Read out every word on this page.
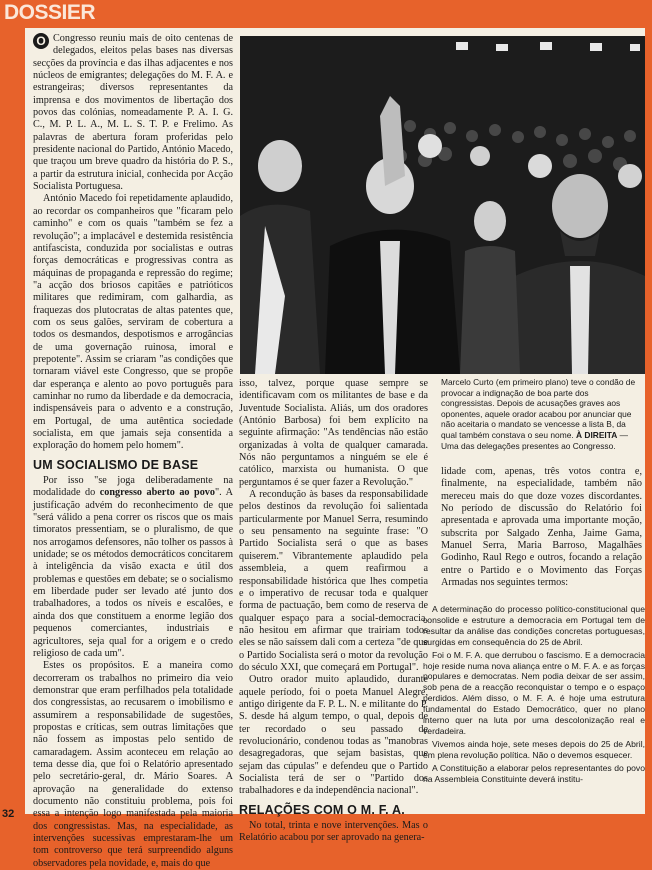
DOSSIER

O Congresso reuniu mais de oito centenas de delegados, eleitos pelas bases nas diversas secções da província e das ilhas adjacentes e nos núcleos de emigrantes; delegações do M. F. A. e estrangeiras; diversos representantes da imprensa e dos movimentos de libertação dos povos das colónias, nomeadamente P. A. I. G. C., M. P. L. A., M. L. S. T. P. e Frelimo. As palavras de abertura foram proferidas pelo presidente nacional do Partido, António Macedo, que traçou um breve quadro da história do P. S., a partir da estrutura inicial, conhecida por Acção Socialista Portuguesa.

António Macedo foi repetidamente aplaudido, ao recordar os companheiros que "ficaram pelo caminho" e com os quais "também se fez a revolução"; a implacável e destemida resistência antifascista, conduzida por socialistas e outras forças democráticas e progressivas contra as máquinas de propaganda e repressão do regime; "a acção dos briosos capitães e patrióticos militares que redimiram, com galhardia, as fraquezas dos plutocratas de altas patentes que, com os seus galões, serviram de cobertura a todos os desmandos, despotismos e arrogâncias de uma governação ruinosa, imoral e prepotente". Assim se criaram "as condições que tornaram viável este Congresso, que se propõe dar esperança e alento ao povo português para caminhar no rumo da liberdade e da democracia, indispensáveis para o advento e a construção, em Portugal, de uma autêntica sociedade socialista, em que jamais seja consentida a exploração do homem pelo homem".

UM SOCIALISMO DE BASE

Por isso "se joga deliberadamente na modalidade do congresso aberto ao povo". A justificação advém do reconhecimento de que "será válido a pena correr os riscos que os mais timoratos pressentiam, se o pluralismo, de que nos arrogamos defensores, não tolher os passos à unidade; se os métodos democráticos concitarem à inteligência da visão exacta e útil dos problemas e questões em debate; se o socialismo em liberdade puder ser levado até junto dos trabalhadores, a todos os níveis e escalões, e ainda dos que constituem a enorme legião dos pequenos comerciantes, industriais e agricultores, seja qual for a origem e o credo religioso de cada um".

Estes os propósitos. E a maneira como decorreram os trabalhos no primeiro dia veio demonstrar que eram perfilhados pela totalidade dos congressistas, ao recusarem o imobilismo e assumirem a responsabilidade de sugestões, propostas e críticas, sem outras limitações que não fossem as impostas pelo sentido de camaradagem. Assim aconteceu em relação ao tema desse dia, que foi o Relatório apresentado pelo secretário-geral, dr. Mário Soares. A aprovação na generalidade do extenso documento não constituiu problema, pois foi essa a intenção logo manifestada pela maioria dos congressistas. Mas, na especialidade, as intervenções sucessivas emprestaram-lhe um tom controverso que terá surpreendido alguns observadores pela novidade, e, mais do que

isso, talvez, porque quase sempre se identificavam com os militantes de base e da Juventude Socialista. Aliás, um dos oradores (António Barbosa) foi bem explícito na seguinte afirmação: "As tendências não estão organizadas à volta de qualquer camarada. Nós não perguntamos a ninguém se ele é católico, marxista ou humanista. O que perguntamos é se quer fazer a Revolução."

A recondução às bases da responsabilidade pelos destinos da revolução foi salientada particularmente por Manuel Serra, resumindo o seu pensamento na seguinte frase: "O Partido Socialista será o que as bases quiserem." Vibrantemente aplaudido pela assembleia, a quem reafirmou a responsabilidade histórica que lhes competia e o imperativo de recusar toda e qualquer forma de pactuação, bem como de reserva de qualquer espaço para a social-democracia, não hesitou em afirmar que trairiam todos eles se não saíssem dali com a certeza "de que o Partido Socialista será o motor da revolução do século XXI, que começará em Portugal".

Outro orador muito aplaudido, durante aquele período, foi o poeta Manuel Alegre, antigo dirigente da F. P. L. N. e militante do P. S. desde há algum tempo, o qual, depois de ter recordado o seu passado de revolucionário, condenou todas as "manobras desagregadoras, que sejam basistas, que sejam das cúpulas" e defendeu que o Partido Socialista terá de ser o "Partido dos trabalhadores e da independência nacional".

RELAÇÕES COM O M. F. A.

No total, trinta e nove intervenções. Mas o Relatório acabou por ser aprovado na genera-

Marcelo Curto (em primeiro plano) teve o condão de provocar a indignação de boa parte dos congressistas. Depois de acusações graves aos oponentes, aquele orador acabou por anunciar que não aceitaria o mandato se vencesse a lista B, da qual também constava o seu nome. À DIREITA — Uma das delegações presentes ao Congresso.

lidade com, apenas, três votos contra e, finalmente, na especialidade, também não mereceu mais do que doze vozes discordantes. No período de discussão do Relatório foi apresentada e aprovada uma importante moção, subscrita por Salgado Zenha, Jaime Gama, Manuel Serra, Maria Barroso, Magalhães Godinho, Raul Rego e outros, focando a relação entre o Partido e o Movimento das Forças Armadas nos seguintes termos:

A determinação do processo político-constitucional que consolide e estruture a democracia em Portugal tem de resultar da análise das condições concretas portuguesas, surgidas em consequência do 25 de Abril.

Foi o M. F. A. que derrubou o fascismo. E a democracia hoje reside numa nova aliança entre o M. F. A. e as forças populares e democratas. Nem podia deixar de ser assim, sob pena de a reacção reconquistar o tempo e o espaço perdidos. Além disso, o M. F. A. é hoje uma estrutura fundamental do Estado Democrático, quer no plano interno quer na luta por uma descolonização real e verdadeira.

Vivemos ainda hoje, sete meses depois do 25 de Abril, em plena revolução política. Não o devemos esquecer.

A Constituição a elaborar pelos representantes do povo na Assembleia Constituinte deverá institu-

32
